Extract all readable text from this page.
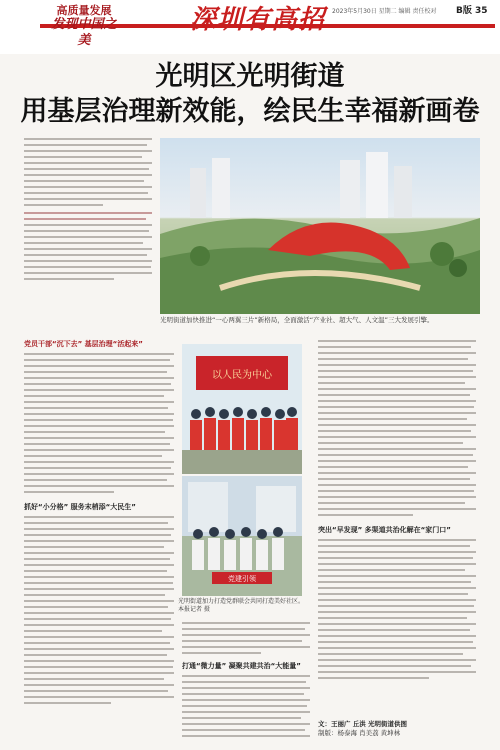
高质量发展
发现中国之美
深圳有高招 2023年5月30日 星期二 编辑 责任校对 B版 35
光明区光明街道
用基层治理新效能，绘民生幸福新画卷
光明街道加快推进“一心两翼三片”新格局，全面激活“产业社、超大气、人文温”三大发展引擎。
党员干部“沉下去” 基层治理“活起来”
抓好“小分格” 服务末梢添“大民生”
以人民为中心
党建引领
光明街道加力打造党群联会共同打造美好社区。本报记者 摄
打通“微力量” 凝聚共建共治“大能量”
突出“早发现” 多渠道共治化解在“家门口”
文：王丽广 丘洪 光明街道供图
制版：杨泰海 肖美荔 黄坤林
